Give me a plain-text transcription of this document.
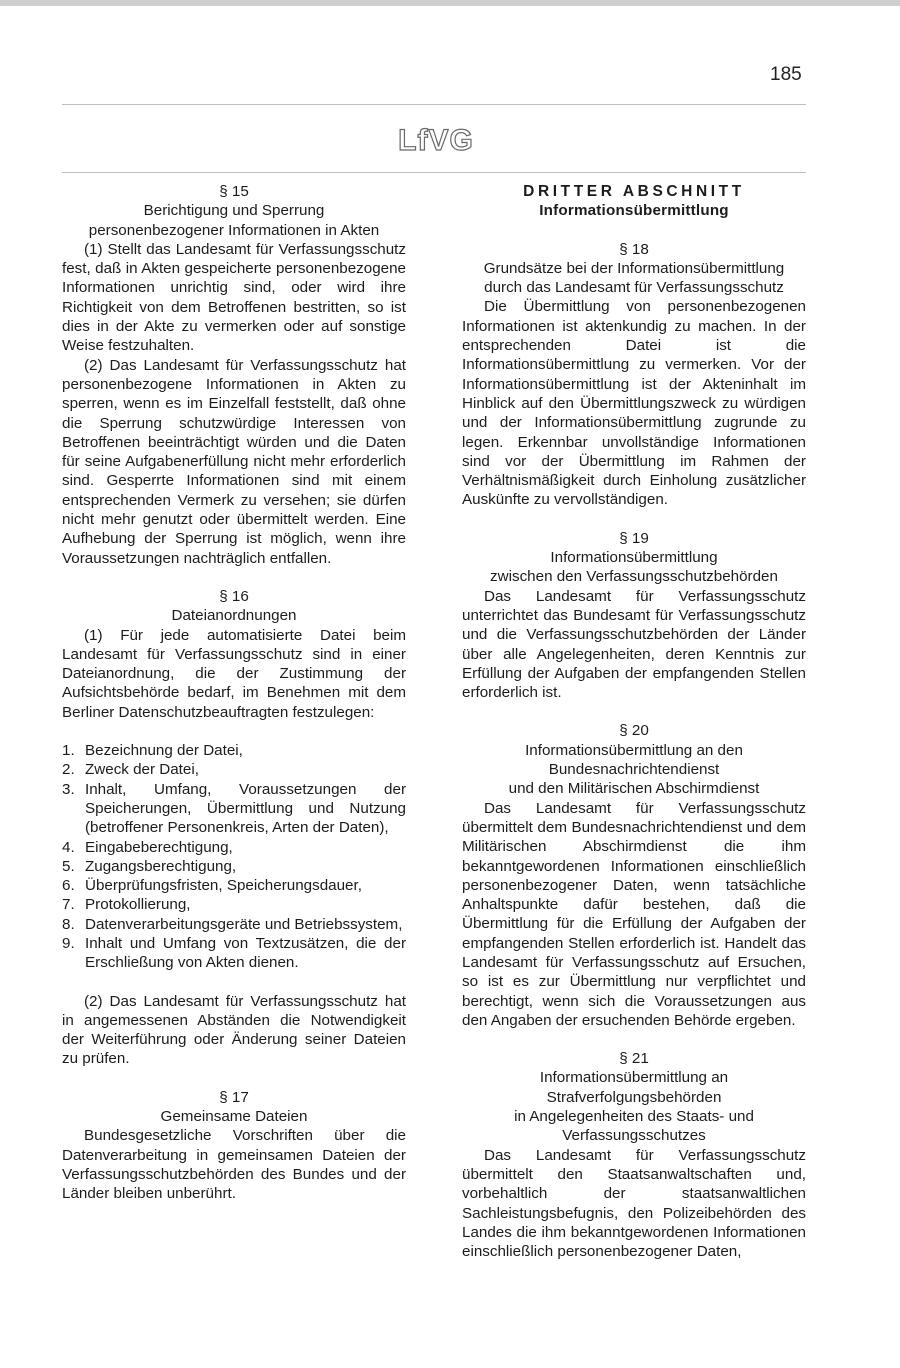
185
LfVG
§ 15
Berichtigung und Sperrung
personenbezogener Informationen in Akten
(1) Stellt das Landesamt für Verfassungsschutz fest, daß in Akten gespeicherte personenbezogene Informationen unrichtig sind, oder wird ihre Richtigkeit von dem Betroffenen bestritten, so ist dies in der Akte zu vermerken oder auf sonstige Weise festzuhalten.
(2) Das Landesamt für Verfassungsschutz hat personenbezogene Informationen in Akten zu sperren, wenn es im Einzelfall feststellt, daß ohne die Sperrung schutzwürdige Interessen von Betroffenen beeinträchtigt würden und die Daten für seine Aufgabenerfüllung nicht mehr erforderlich sind. Gesperrte Informationen sind mit einem entsprechenden Vermerk zu versehen; sie dürfen nicht mehr genutzt oder übermittelt werden. Eine Aufhebung der Sperrung ist möglich, wenn ihre Voraussetzungen nachträglich entfallen.
§ 16
Dateianordnungen
(1) Für jede automatisierte Datei beim Landesamt für Verfassungsschutz sind in einer Dateianordnung, die der Zustimmung der Aufsichtsbehörde bedarf, im Benehmen mit dem Berliner Datenschutzbeauftragten festzulegen:
1. Bezeichnung der Datei,
2. Zweck der Datei,
3. Inhalt, Umfang, Voraussetzungen der Speicherungen, Übermittlung und Nutzung (betroffener Personenkreis, Arten der Daten),
4. Eingabeberechtigung,
5. Zugangsberechtigung,
6. Überprüfungsfristen, Speicherungsdauer,
7. Protokollierung,
8. Datenverarbeitungsgeräte und Betriebssystem,
9. Inhalt und Umfang von Textzusätzen, die der Erschließung von Akten dienen.
(2) Das Landesamt für Verfassungsschutz hat in angemessenen Abständen die Notwendigkeit der Weiterführung oder Änderung seiner Dateien zu prüfen.
§ 17
Gemeinsame Dateien
Bundesgesetzliche Vorschriften über die Datenverarbeitung in gemeinsamen Dateien der Verfassungsschutzbehörden des Bundes und der Länder bleiben unberührt.
DRITTER ABSCHNITT
Informationsübermittlung
§ 18
Grundsätze bei der Informationsübermittlung
durch das Landesamt für Verfassungsschutz
Die Übermittlung von personenbezogenen Informationen ist aktenkundig zu machen. In der entsprechenden Datei ist die Informationsübermittlung zu vermerken. Vor der Informationsübermittlung ist der Akteninhalt im Hinblick auf den Übermittlungszweck zu würdigen und der Informationsübermittlung zugrunde zu legen. Erkennbar unvollständige Informationen sind vor der Übermittlung im Rahmen der Verhältnismäßigkeit durch Einholung zusätzlicher Auskünfte zu vervollständigen.
§ 19
Informationsübermittlung
zwischen den Verfassungsschutzbehörden
Das Landesamt für Verfassungsschutz unterrichtet das Bundesamt für Verfassungsschutz und die Verfassungsschutzbehörden der Länder über alle Angelegenheiten, deren Kenntnis zur Erfüllung der Aufgaben der empfangenden Stellen erforderlich ist.
§ 20
Informationsübermittlung an den
Bundesnachrichtendienst
und den Militärischen Abschirmdienst
Das Landesamt für Verfassungsschutz übermittelt dem Bundesnachrichtendienst und dem Militärischen Abschirmdienst die ihm bekanntgewordenen Informationen einschließlich personenbezogener Daten, wenn tatsächliche Anhaltspunkte dafür bestehen, daß die Übermittlung für die Erfüllung der Aufgaben der empfangenden Stellen erforderlich ist. Handelt das Landesamt für Verfassungsschutz auf Ersuchen, so ist es zur Übermittlung nur verpflichtet und berechtigt, wenn sich die Voraussetzungen aus den Angaben der ersuchenden Behörde ergeben.
§ 21
Informationsübermittlung an
Strafverfolgungsbehörden
in Angelegenheiten des Staats- und
Verfassungsschutzes
Das Landesamt für Verfassungsschutz übermittelt den Staatsanwaltschaften und, vorbehaltlich der staatsanwaltlichen Sachleistungsbefugnis, den Polizeibehörden des Landes die ihm bekanntgewordenen Informationen einschließlich personenbezogener Daten,
